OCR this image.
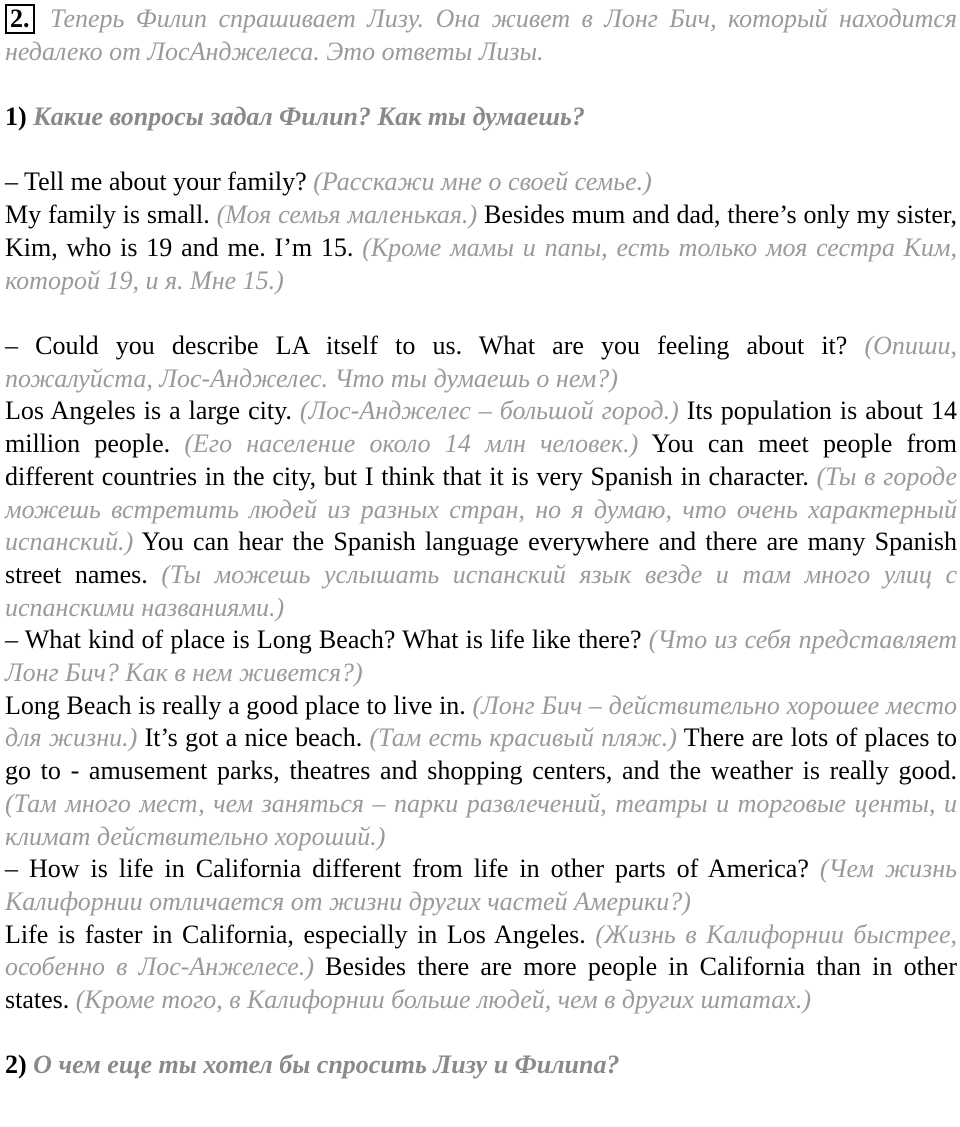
2. Теперь Филип спрашивает Лизу. Она живет в Лонг Бич, который находится недалеко от ЛосАнджелеса. Это ответы Лизы.

1) Какие вопросы задал Филип? Как ты думаешь?

– Tell me about your family? (Расскажи мне о своей семье.)

My family is small. (Моя семья маленькая.) Besides mum and dad, there’s only my sister, Kim, who is 19 and me. I’m 15. (Кроме мамы и папы, есть только моя сестра Ким, которой 19, и я. Мне 15.)

– Could you describe LA itself to us. What are you feeling about it? (Опиши, пожалуйста, Лос-Анджелес. Что ты думаешь о нем?)

Los Angeles is a large city. (Лос-Анджелес – большой город.) Its population is about 14 million people. (Его население около 14 млн человек.) You can meet people from different countries in the city, but I think that it is very Spanish in character. (Ты в городе можешь встретить людей из разных стран, но я думаю, что очень характерный испанский.) You can hear the Spanish language everywhere and there are many Spanish street names. (Ты можешь услышать испанский язык везде и там много улиц с испанскими названиями.)

– What kind of place is Long Beach? What is life like there? (Что из себя представляет Лонг Бич? Как в нем живется?)

Long Beach is really a good place to live in. (Лонг Бич – действительно хорошее место для жизни.) It’s got a nice beach. (Там есть красивый пляж.) There are lots of places to go to - amusement parks, theatres and shopping centers, and the weather is really good. (Там много мест, чем заняться – парки развлечений, театры и торговые центы, и климат действительно хороший.)

– How is life in California different from life in other parts of America? (Чем жизнь Калифорнии отличается от жизни других частей Америки?)

Life is faster in California, especially in Los Angeles. (Жизнь в Калифорнии быстрее, особенно в Лос-Анжелесе.) Besides there are more people in California than in other states. (Кроме того, в Калифорнии больше людей, чем в других штатах.)

2) О чем еще ты хотел бы спросить Лизу и Филипа?
